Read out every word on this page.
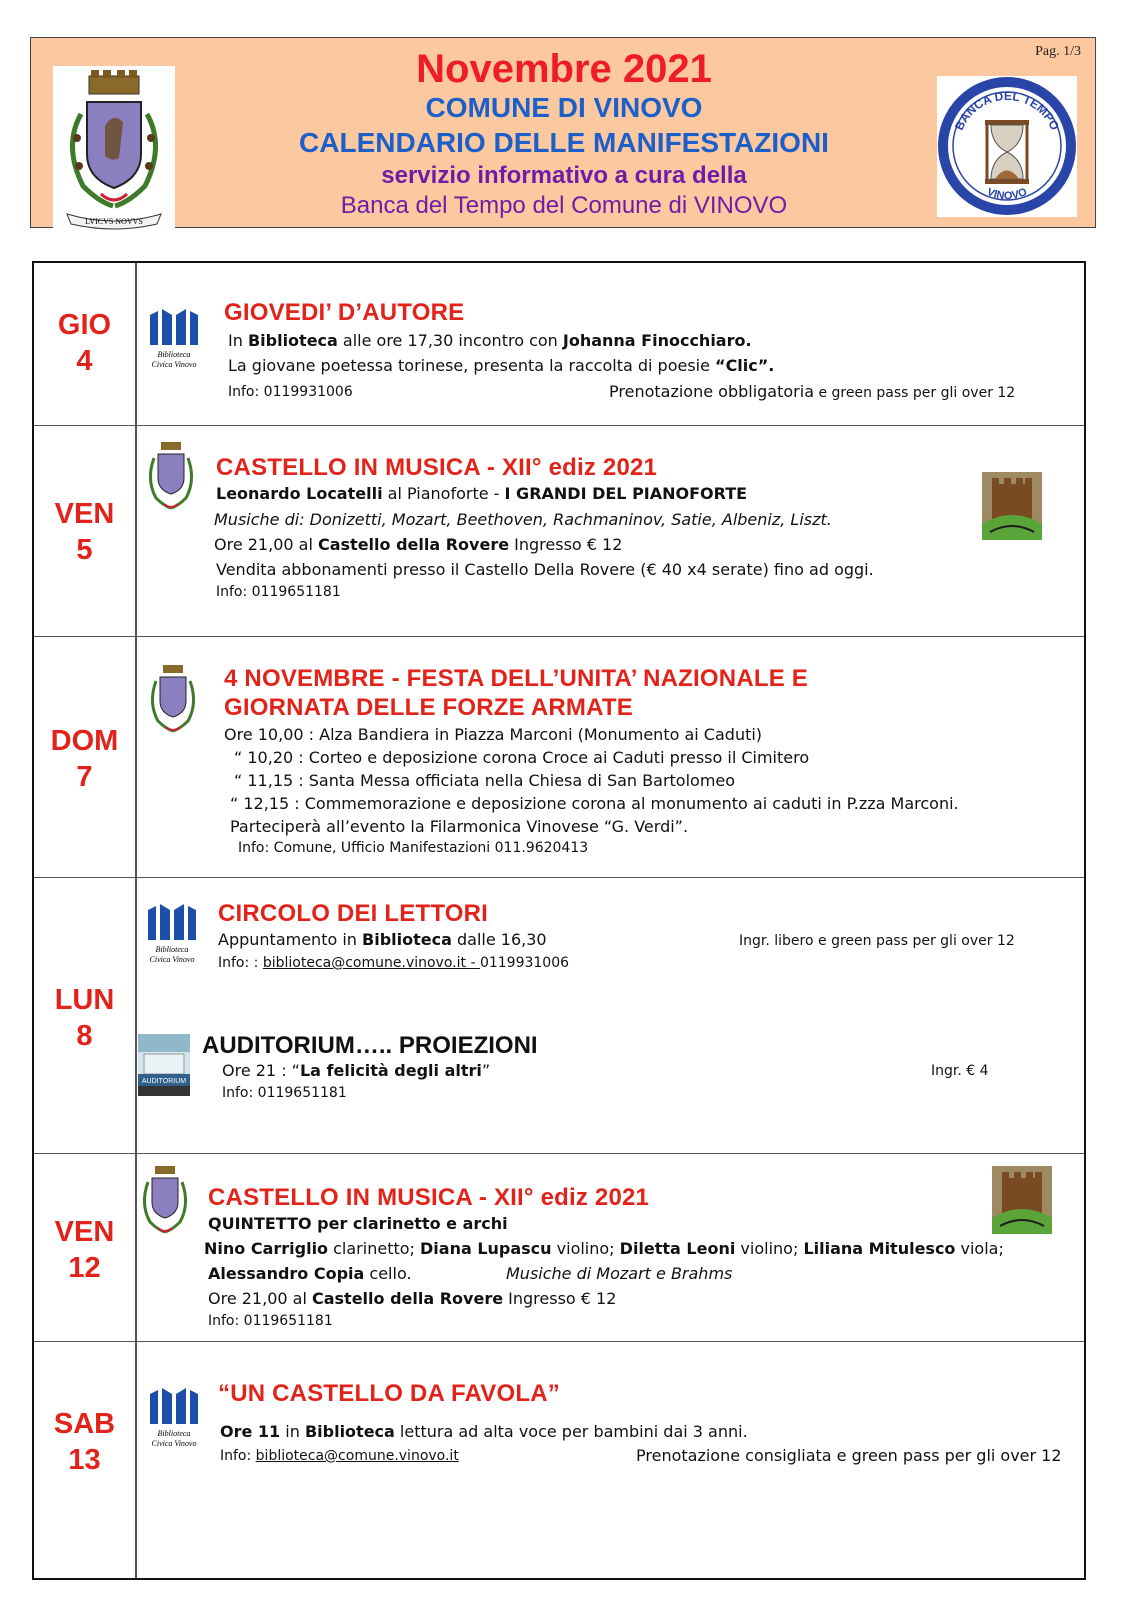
LVICVS NOVVS
Novembre 2021
COMUNE DI VINOVO
CALENDARIO DELLE MANIFESTAZIONI
servizio informativo a cura della
Banca del Tempo del Comune di VINOVO
Pag. 1/3
BANCA DEL TEMPO
VINOVO
GIO
4	Biblioteca
Civica Vinovo
GIOVEDI’ D’AUTORE
In Biblioteca alle ore 17,30 incontro con Johanna Finocchiaro.
La giovane poetessa torinese, presenta la raccolta di poesie “Clic”.
Info: 0119931006	Prenotazione obbligatoria e green pass per gli over 12
VEN
5
CASTELLO IN MUSICA - XII° ediz 2021
Leonardo Locatelli al Pianoforte - I GRANDI DEL PIANOFORTE
Musiche di: Donizetti, Mozart, Beethoven, Rachmaninov, Satie, Albeniz, Liszt.
Ore 21,00 al Castello della Rovere Ingresso € 12
Vendita abbonamenti presso il Castello Della Rovere (€ 40 x4 serate) fino ad oggi.
Info: 0119651181
DOM
7
4 NOVEMBRE - FESTA DELL’UNITA’ NAZIONALE E
GIORNATA DELLE FORZE ARMATE
Ore 10,00 : Alza Bandiera in Piazza Marconi (Monumento ai Caduti)
“ 10,20 : Corteo e deposizione corona Croce ai Caduti presso il Cimitero
“ 11,15 : Santa Messa officiata nella Chiesa di San Bartolomeo
“ 12,15 : Commemorazione e deposizione corona al monumento ai caduti in P.zza Marconi.
Parteciperà all’evento la Filarmonica Vinovese “G. Verdi”.
Info: Comune, Ufficio Manifestazioni 011.9620413
LUN
8
Biblioteca
Civica Vinovo
CIRCOLO DEI LETTORI
Appuntamento in Biblioteca dalle 16,30	Ingr. libero e green pass per gli over 12
Info: : biblioteca@comune.vinovo.it - 0119931006
AUDITORIUM
AUDITORIUM….. PROIEZIONI
Ore 21 : “La felicità degli altri”	Ingr. € 4
Info: 0119651181
VEN
12
CASTELLO IN MUSICA - XII° ediz 2021
QUINTETTO per clarinetto e archi
Nino Carriglio clarinetto; Diana Lupascu violino; Diletta Leoni violino; Liliana Mitulesco viola;
Alessandro Copia cello.	Musiche di Mozart e Brahms
Ore 21,00 al Castello della Rovere Ingresso € 12
Info: 0119651181
SAB
13
Biblioteca
Civica Vinovo
“UN CASTELLO DA FAVOLA”
Ore 11 in Biblioteca lettura ad alta voce per bambini dai 3 anni.
Info: biblioteca@comune.vinovo.it	Prenotazione consigliata e green pass per gli over 12
